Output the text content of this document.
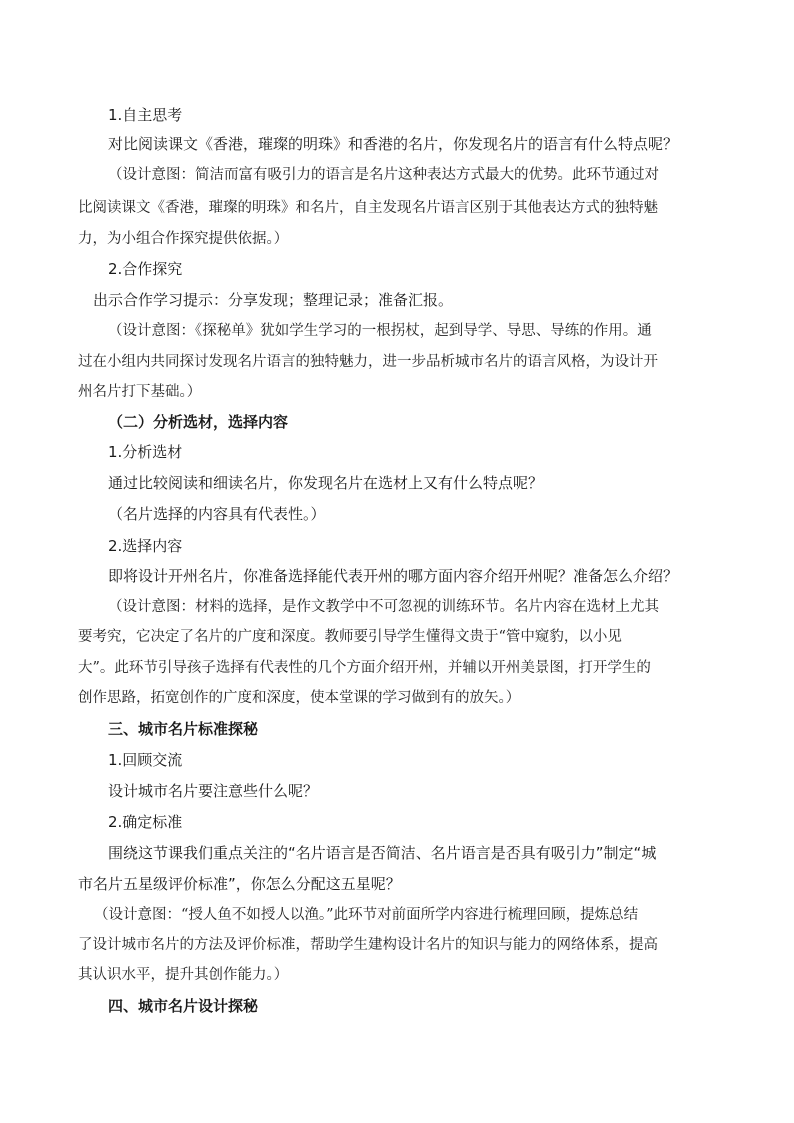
1.自主思考
对比阅读课文《香港，璀璨的明珠》和香港的名片，你发现名片的语言有什么特点呢？
（设计意图：简洁而富有吸引力的语言是名片这种表达方式最大的优势。此环节通过对
比阅读课文《香港，璀璨的明珠》和名片，自主发现名片语言区别于其他表达方式的独特魅
力，为小组合作探究提供依据。）
2.合作探究
出示合作学习提示：分享发现；整理记录；准备汇报。
（设计意图：《探秘单》犹如学生学习的一根拐杖，起到导学、导思、导练的作用。通
过在小组内共同探讨发现名片语言的独特魅力，进一步品析城市名片的语言风格，为设计开
州名片打下基础。）
（二）分析选材，选择内容
1.分析选材
通过比较阅读和细读名片，你发现名片在选材上又有什么特点呢？
（名片选择的内容具有代表性。）
2.选择内容
即将设计开州名片，你准备选择能代表开州的哪方面内容介绍开州呢？准备怎么介绍？
（设计意图：材料的选择，是作文教学中不可忽视的训练环节。名片内容在选材上尤其
要考究，它决定了名片的广度和深度。教师要引导学生懂得文贵于“管中窥豹，以小见
大”。此环节引导孩子选择有代表性的几个方面介绍开州，并辅以开州美景图，打开学生的
创作思路，拓宽创作的广度和深度，使本堂课的学习做到有的放矢。）
三、城市名片标准探秘
1.回顾交流
设计城市名片要注意些什么呢？
2.确定标准
围绕这节课我们重点关注的“名片语言是否简洁、名片语言是否具有吸引力”制定“城
市名片五星级评价标准”，你怎么分配这五星呢？
（设计意图：“授人鱼不如授人以渔。”此环节对前面所学内容进行梳理回顾，提炼总结
了设计城市名片的方法及评价标准，帮助学生建构设计名片的知识与能力的网络体系，提高
其认识水平，提升其创作能力。）
四、城市名片设计探秘
